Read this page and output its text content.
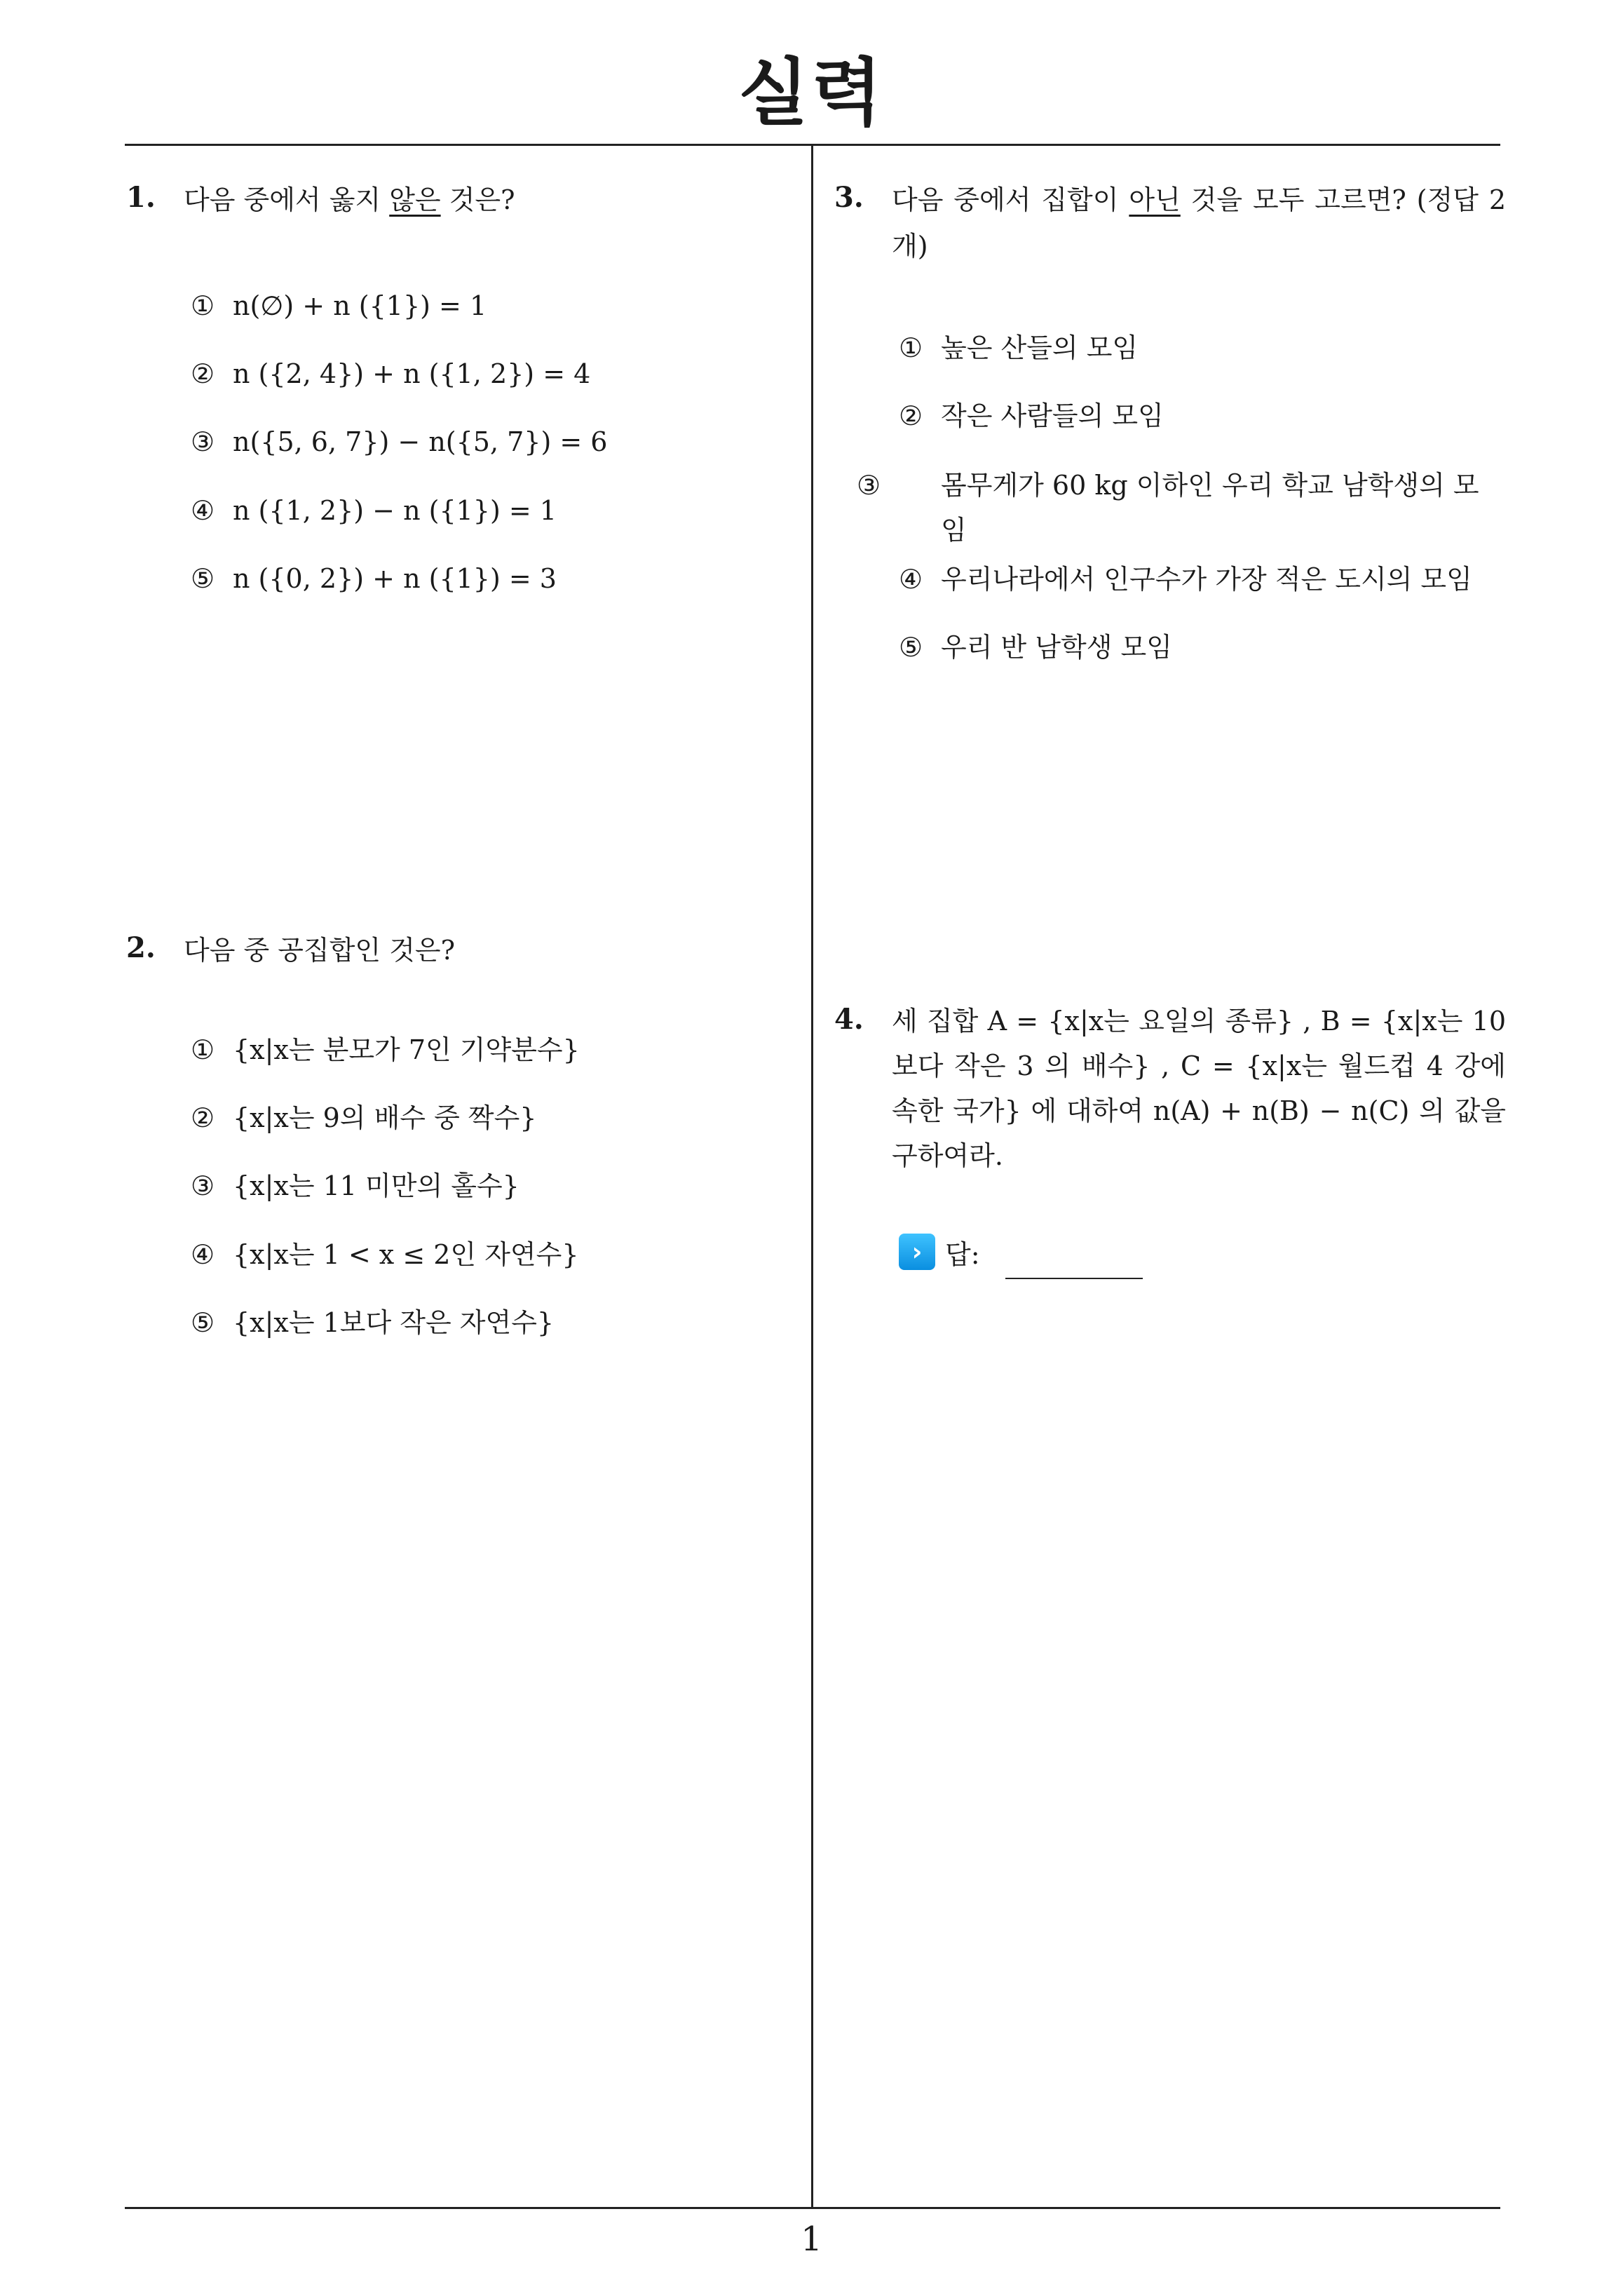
실력
1
1. 다음 중에서 옳지 않은 것은?
① n(∅) + n ({1}) = 1
② n ({2, 4}) + n ({1, 2}) = 4
③ n({5, 6, 7}) − n({5, 7}) = 6
④ n ({1, 2}) − n ({1}) = 1
⑤ n ({0, 2}) + n ({1}) = 3
2. 다음 중 공집합인 것은?
① {x|x는 분모가 7인 기약분수}
② {x|x는 9의 배수 중 짝수}
③ {x|x는 11 미만의 홀수}
④ {x|x는 1 < x ≤ 2인 자연수}
⑤ {x|x는 1보다 작은 자연수}
3. 다음 중에서 집합이 아닌 것을 모두 고르면? (정답 2 개)
① 높은 산들의 모임
② 작은 사람들의 모임
③ 몸무게가 60 kg 이하인 우리 학교 남학생의 모임
④ 우리나라에서 인구수가 가장 적은 도시의 모임
⑤ 우리 반 남학생 모임
4. 세 집합 A = {x|x는 요일의 종류} , B = {x|x는 10 보다 작은 3 의 배수} , C = {x|x는 월드컵 4 강에 속한 국가} 에 대하여 n(A) + n(B) − n(C) 의 값을 구하여라.
› 답:
